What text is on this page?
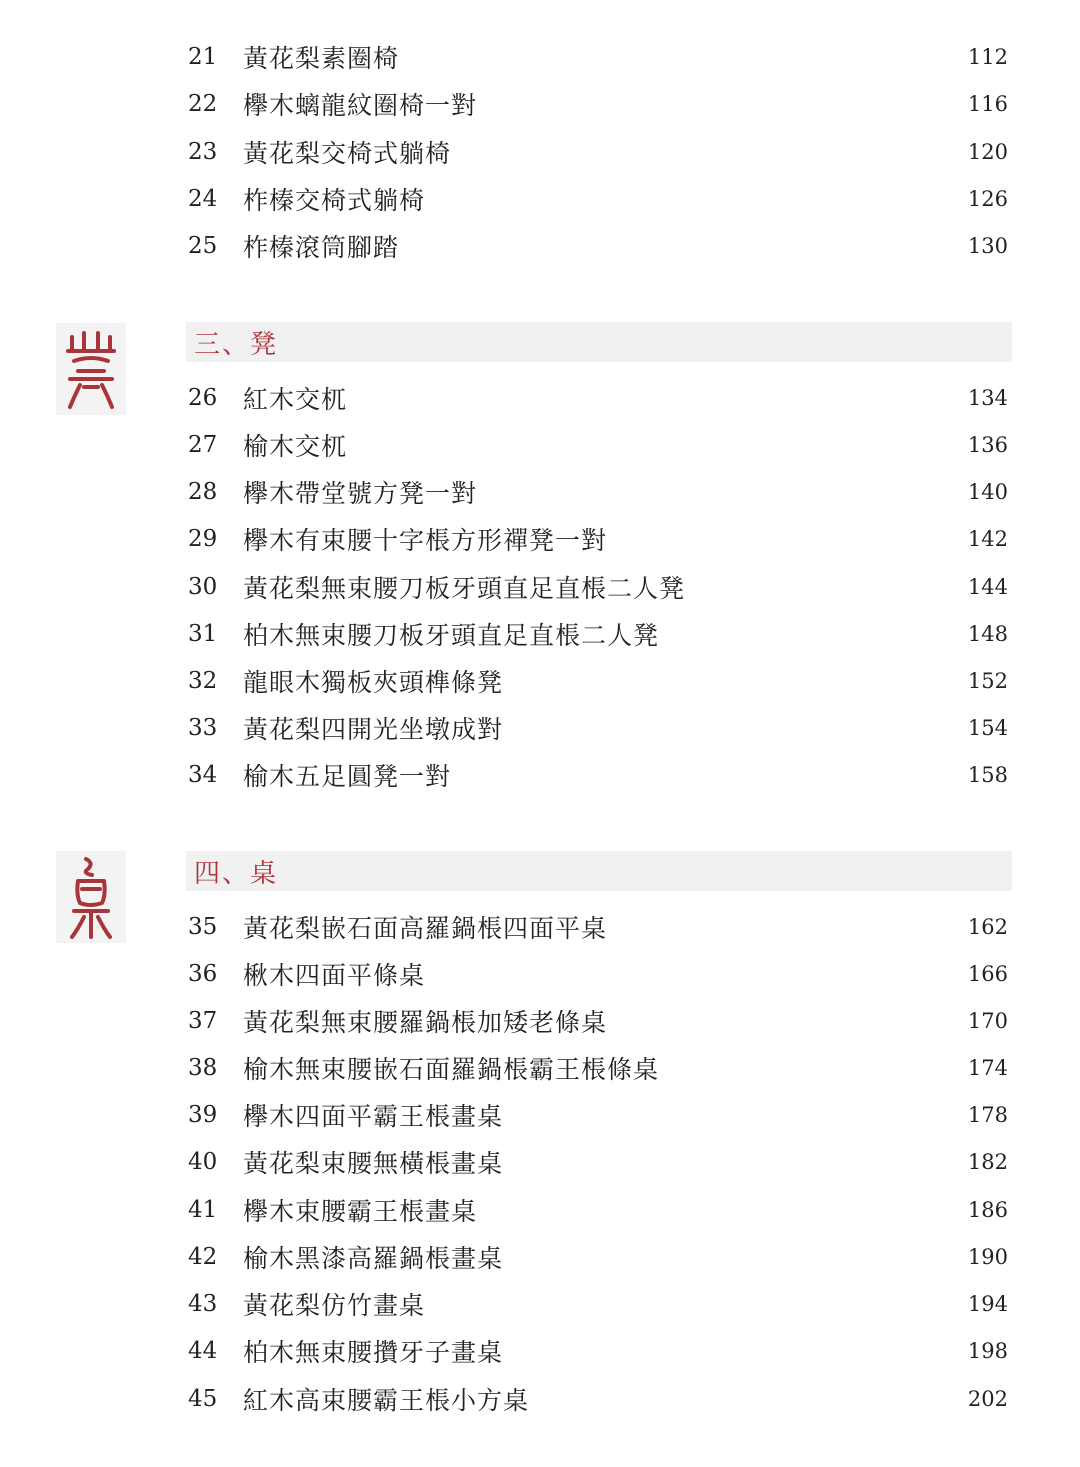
21	黃花梨素圈椅	112
22	欅木螭龍紋圈椅一對	116
23	黃花梨交椅式躺椅	120
24	柞榛交椅式躺椅	126
25	柞榛滾筒腳踏	130
三、凳
26	紅木交杌	134
27	榆木交杌	136
28	欅木帶堂號方凳一對	140
29	欅木有束腰十字棖方形禪凳一對	142
30	黃花梨無束腰刀板牙頭直足直棖二人凳	144
31	柏木無束腰刀板牙頭直足直棖二人凳	148
32	龍眼木獨板夾頭榫條凳	152
33	黃花梨四開光坐墩成對	154
34	榆木五足圓凳一對	158
四、桌
35	黃花梨嵌石面高羅鍋棖四面平桌	162
36	楸木四面平條桌	166
37	黃花梨無束腰羅鍋棖加矮老條桌	170
38	榆木無束腰嵌石面羅鍋棖霸王棖條桌	174
39	欅木四面平霸王棖畫桌	178
40	黃花梨束腰無橫棖畫桌	182
41	欅木束腰霸王棖畫桌	186
42	榆木黑漆高羅鍋棖畫桌	190
43	黃花梨仿竹畫桌	194
44	柏木無束腰攢牙子畫桌	198
45	紅木高束腰霸王棖小方桌	202
